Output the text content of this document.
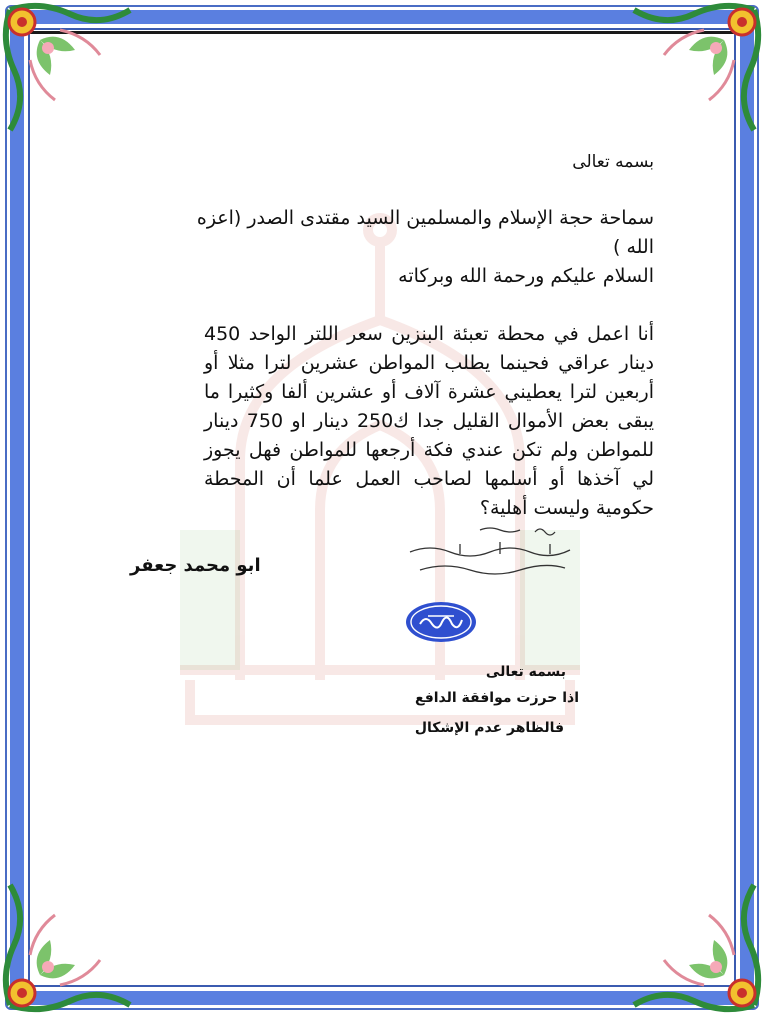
بسمه تعالى
سماحة حجة الإسلام والمسلمين السيد مقتدى الصدر (اعزه الله )
السلام عليكم ورحمة الله وبركاته
أنا اعمل في محطة تعبئة البنزين سعر اللتر الواحد 450 دينار عراقي فحينما يطلب المواطن عشرين لترا مثلا أو أربعين لترا يعطيني عشرة آلاف أو عشرين ألفا وكثيرا ما يبقى بعض الأموال القليل جدا ك250 دينار او 750 دينار للمواطن ولم تكن عندي فكة أرجعها للمواطن فهل يجوز لي آخذها أو أسلمها لصاحب العمل علما أن المحطة حكومية وليست أهلية؟
ابو محمد جعفر
بسمه تعالى
اذا حرزت موافقة الدافع
فالظاهر عدم الإشكال
